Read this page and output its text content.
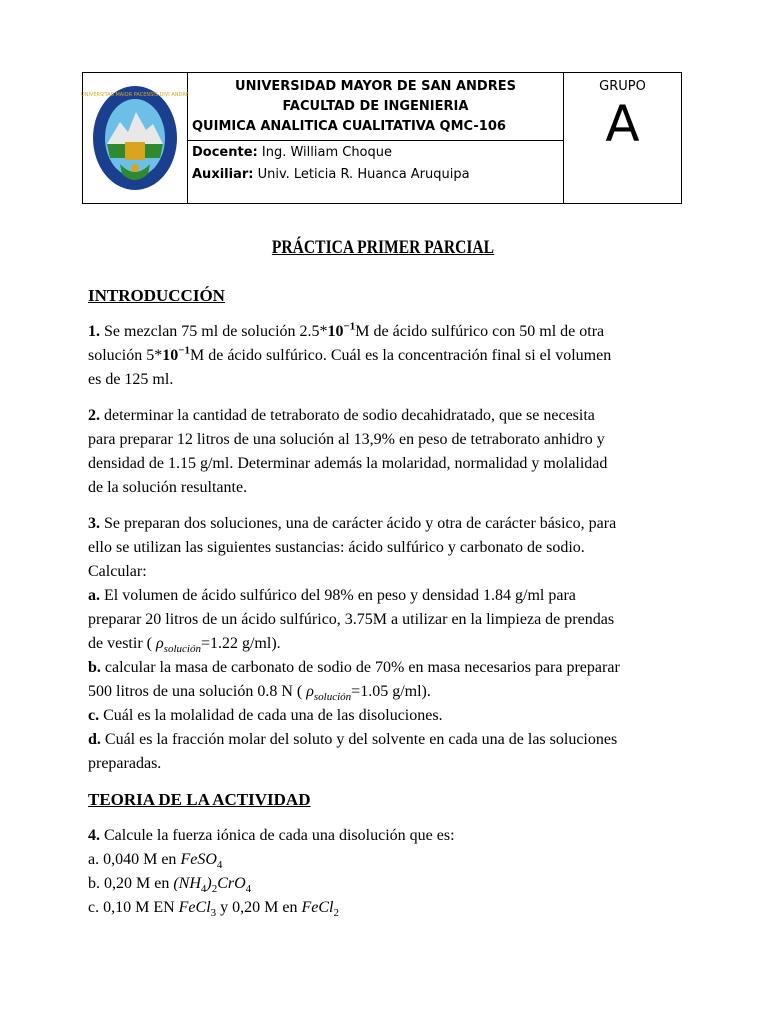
UNIVERSITAS MAIOR PACENSIS DIVI ANDRE
UNIVERSIDAD MAYOR DE SAN ANDRES
FACULTAD DE INGENIERIA
QUIMICA ANALITICA CUALITATIVA QMC-106
Docente: Ing. William Choque
Auxiliar: Univ. Leticia R. Huanca Aruquipa
GRUPO
A
PRÁCTICA PRIMER PARCIAL
INTRODUCCIÓN
1. Se mezclan 75 ml de solución $2.5*10^{-1}M$ de ácido sulfúrico con 50 ml de otra
solución $5*10^{-1}M$ de ácido sulfúrico. Cuál es la concentración final si el volumen
es de 125 ml.
2. determinar la cantidad de tetraborato de sodio decahidratado, que se necesita
para preparar 12 litros de una solución al 13,9% en peso de tetraborato anhidro y
densidad de 1.15 g/ml. Determinar además la molaridad, normalidad y molalidad
de la solución resultante.
3. Se preparan dos soluciones, una de carácter ácido y otra de carácter básico, para
ello se utilizan las siguientes sustancias: ácido sulfúrico y carbonato de sodio.
Calcular:
a. El volumen de ácido sulfúrico del 98% en peso y densidad 1.84 g/ml para
preparar 20 litros de un ácido sulfúrico, 3.75M a utilizar en la limpieza de prendas
de vestir ( $\rho_{solución}=1.22$ g/ml).
b. calcular la masa de carbonato de sodio de 70% en masa necesarios para preparar
500 litros de una solución 0.8 N ( $\rho_{solución}=1.05$ g/ml).
c. Cuál es la molalidad de cada una de las disoluciones.
d. Cuál es la fracción molar del soluto y del solvente en cada una de las soluciones
preparadas.
TEORIA DE LA ACTIVIDAD
4. Calcule la fuerza iónica de cada una disolución que es:
a. 0,040 M en FeSO$_4$
b. 0,20 M en $(NH_4)_2CrO_4$
c. 0,10 M EN FeCl$_3$ y 0,20 M en FeCl$_2$
